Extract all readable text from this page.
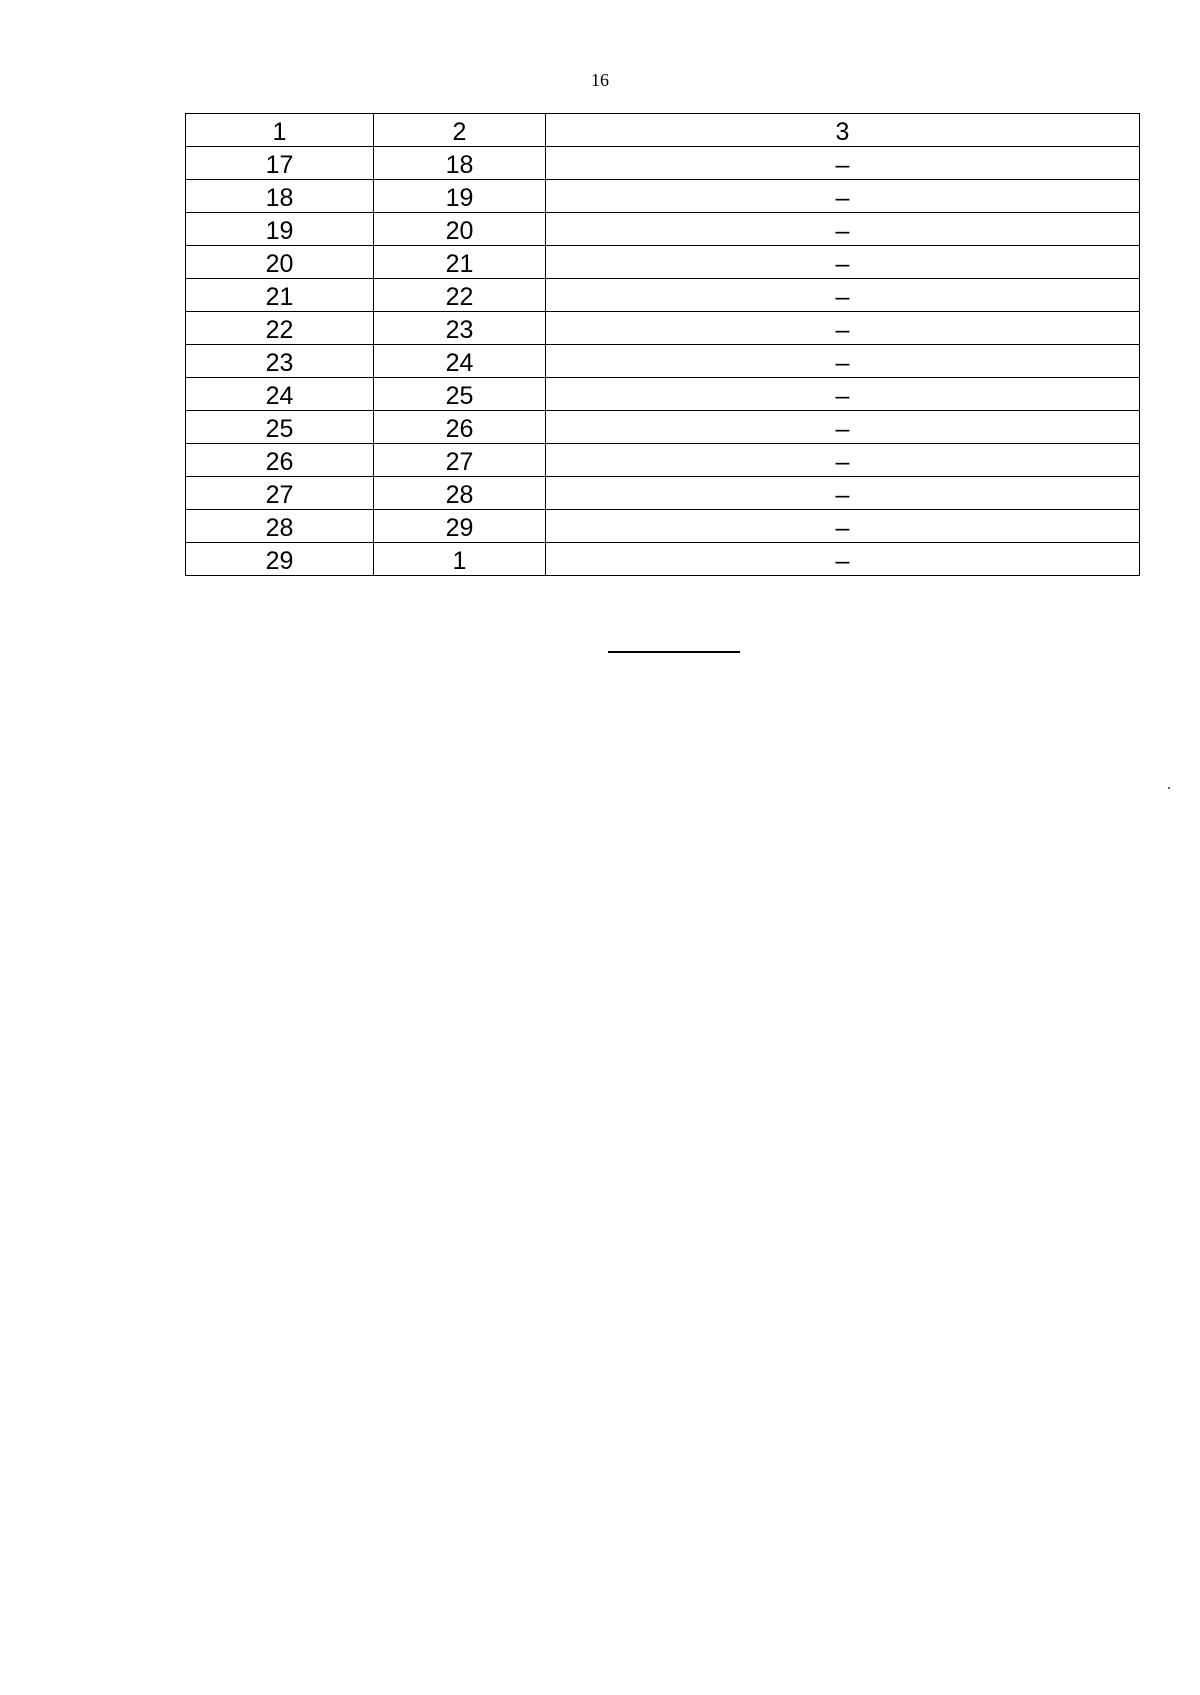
16
1	2	3
17	18	–
18	19	–
19	20	–
20	21	–
21	22	–
22	23	–
23	24	–
24	25	–
25	26	–
26	27	–
27	28	–
28	29	–
29	1	–
